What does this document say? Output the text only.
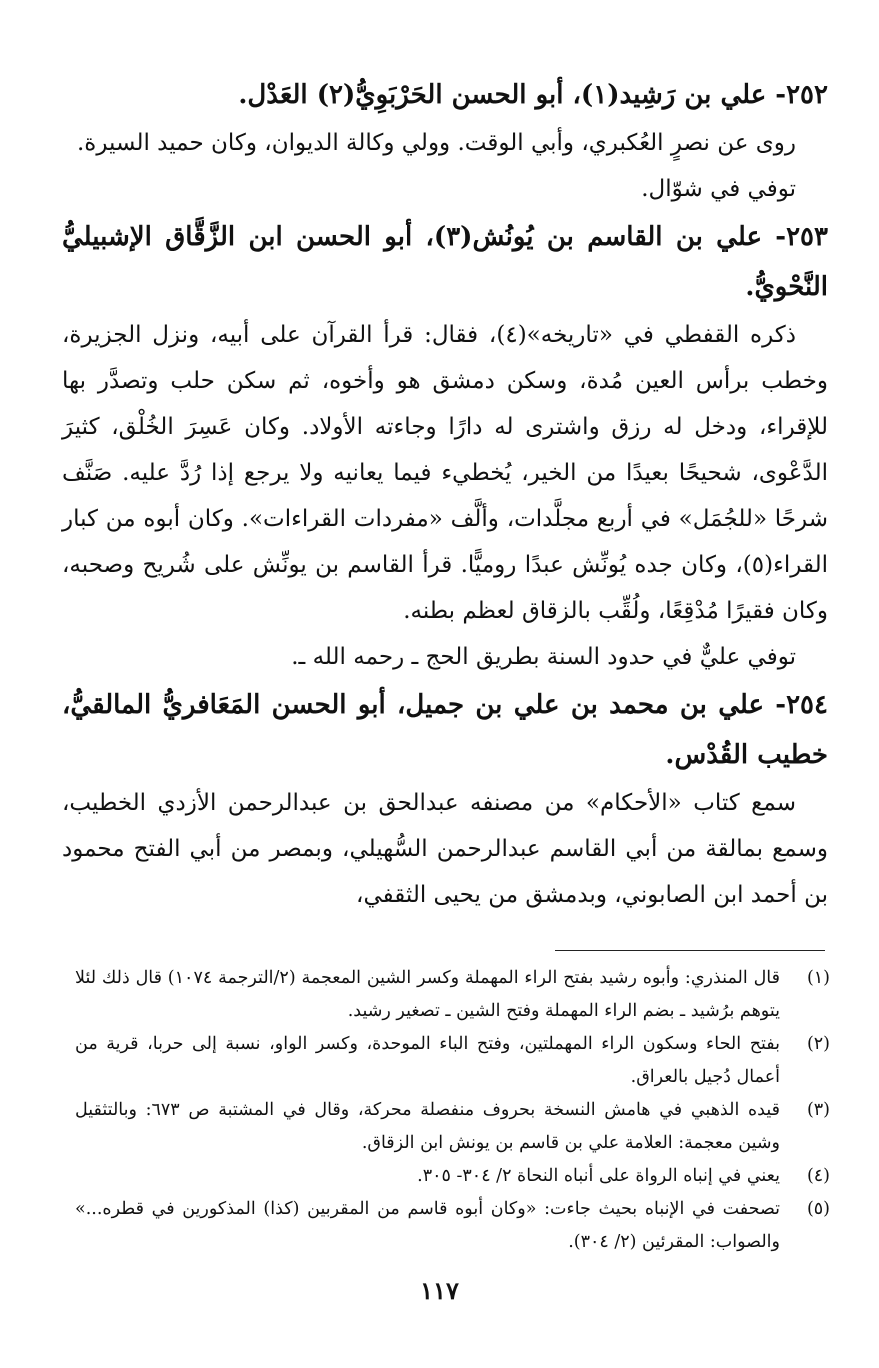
٢٥٢- علي بن رَشِيد(١)، أبو الحسن الحَرْبَوِيُّ(٢) العَدْل.

روى عن نصرٍ العُكبري، وأبي الوقت. وولي وكالة الديوان، وكان حميد السيرة.

توفي في شوّال.

٢٥٣- علي بن القاسم بن يُونُش(٣)، أبو الحسن ابن الزَّقَّاق الإشبيليُّ النَّحْويُّ.

ذكره القفطي في «تاريخه»(٤)، فقال: قرأ القرآن على أبيه، ونزل الجزيرة، وخطب برأس العين مُدة، وسكن دمشق هو وأخوه، ثم سكن حلب وتصدَّر بها للإقراء، ودخل له رزق واشترى له دارًا وجاءته الأولاد. وكان عَسِرَ الخُلْق، كثيرَ الدَّعْوى، شحيحًا بعيدًا من الخير، يُخطيء فيما يعانيه ولا يرجع إذا رُدَّ عليه. صَنَّف شرحًا «للجُمَل» في أربع مجلَّدات، وألَّف «مفردات القراءات». وكان أبوه من كبار القراء(٥)، وكان جده يُونِّش عبدًا روميًّا. قرأ القاسم بن يونِّش على شُريح وصحبه، وكان فقيرًا مُدْقِعًا، ولُقِّب بالزقاق لعظم بطنه.

توفي عليٌّ في حدود السنة بطريق الحج ـ رحمه الله ـ.

٢٥٤- علي بن محمد بن علي بن جميل، أبو الحسن المَعَافريُّ المالقيُّ، خطيب القُدْس.

سمع كتاب «الأحكام» من مصنفه عبدالحق بن عبدالرحمن الأزدي الخطيب، وسمع بمالقة من أبي القاسم عبدالرحمن السُّهيلي، وبمصر من أبي الفتح محمود بن أحمد ابن الصابوني، وبدمشق من يحيى الثقفي،

(١)
قال المنذري: وأبوه رشيد بفتح الراء المهملة وكسر الشين المعجمة (٢/الترجمة ١٠٧٤) قال ذلك لئلا يتوهم برُشيد ـ بضم الراء المهملة وفتح الشين ـ تصغير رشيد.
(٢)
بفتح الحاء وسكون الراء المهملتين، وفتح الباء الموحدة، وكسر الواو، نسبة إلى حربا، قرية من أعمال دُجيل بالعراق.
(٣)
قيده الذهبي في هامش النسخة بحروف منفصلة محركة، وقال في المشتبة ص ٦٧٣: وبالتثقيل وشين معجمة: العلامة علي بن قاسم بن يونش ابن الزقاق.
(٤)
يعني في إنباه الرواة على أنباه النحاة ٢/ ٣٠٤- ٣٠٥.
(٥)
تصحفت في الإنباه بحيث جاءت: «وكان أبوه قاسم من المقربين (كذا) المذكورين في قطره...» والصواب: المقرئين (٢/ ٣٠٤).
١١٧
